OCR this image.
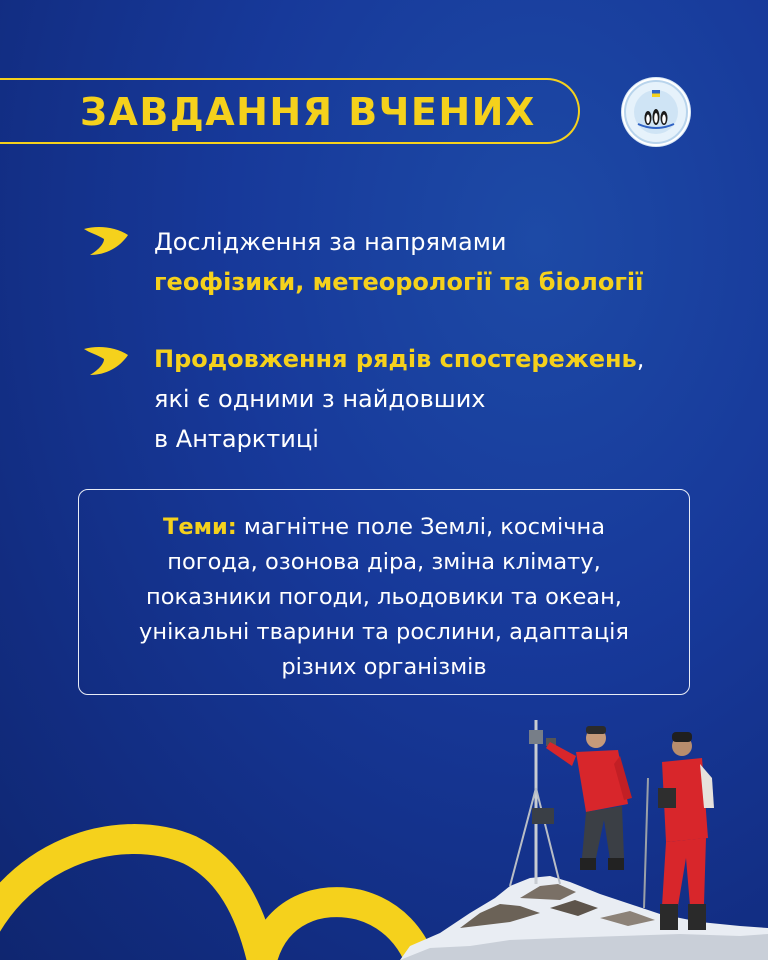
ЗАВДАННЯ ВЧЕНИХ
Дослідження за напрямами
геофізики, метеорології та біології
Продовження рядів спостережень,
які є одними з найдовших
в Антарктиці
Теми: магнітне поле Землі, космічна
погода, озонова діра, зміна клімату,
показники погоди, льодовики та океан,
унікальні тварини та рослини, адаптація
різних організмів
